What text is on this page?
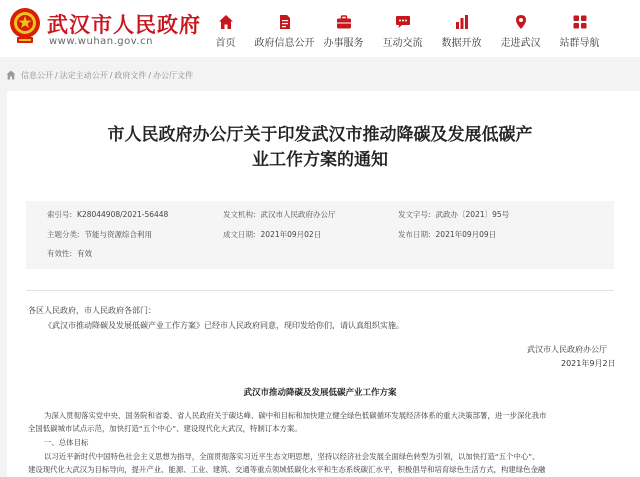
武汉市人民政府
www.wuhan.gov.cn	首页 政府信息公开 办事服务 互动交流 数据开放 走进武汉 站群导航
信息公开 / 法定主动公开 / 政府文件 / 办公厅文件
市人民政府办公厅关于印发武汉市推动降碳及发展低碳产
业工作方案的通知
索引号: K28044908/2021-56448	发文机构: 武汉市人民政府办公厅	发文字号: 武政办〔2021〕95号
主题分类: 节能与资源综合利用	成文日期: 2021年09月02日	发布日期: 2021年09月09日
有效性: 有效
各区人民政府，市人民政府各部门：
《武汉市推动降碳及发展低碳产业工作方案》已经市人民政府同意，现印发给你们，请认真组织实施。
武汉市人民政府办公厅
2021年9月2日
武汉市推动降碳及发展低碳产业工作方案
为深入贯彻落实党中央、国务院和省委、省人民政府关于碳达峰、碳中和目标和加快建立健全绿色低碳循环发展经济体系的重大决策部署，进一步深化我市
全国低碳城市试点示范，加快打造“五个中心”、建设现代化大武汉，特制订本方案。
一、总体目标
以习近平新时代中国特色社会主义思想为指导，全面贯彻落实习近平生态文明思想，坚持以经济社会发展全面绿色转型为引领，以加快打造“五个中心”、
建设现代化大武汉为目标导向，提升产业、能源、工业、建筑、交通等重点领域低碳化水平和生态系统碳汇水平，积极倡导和培育绿色生活方式，构建绿色金融
